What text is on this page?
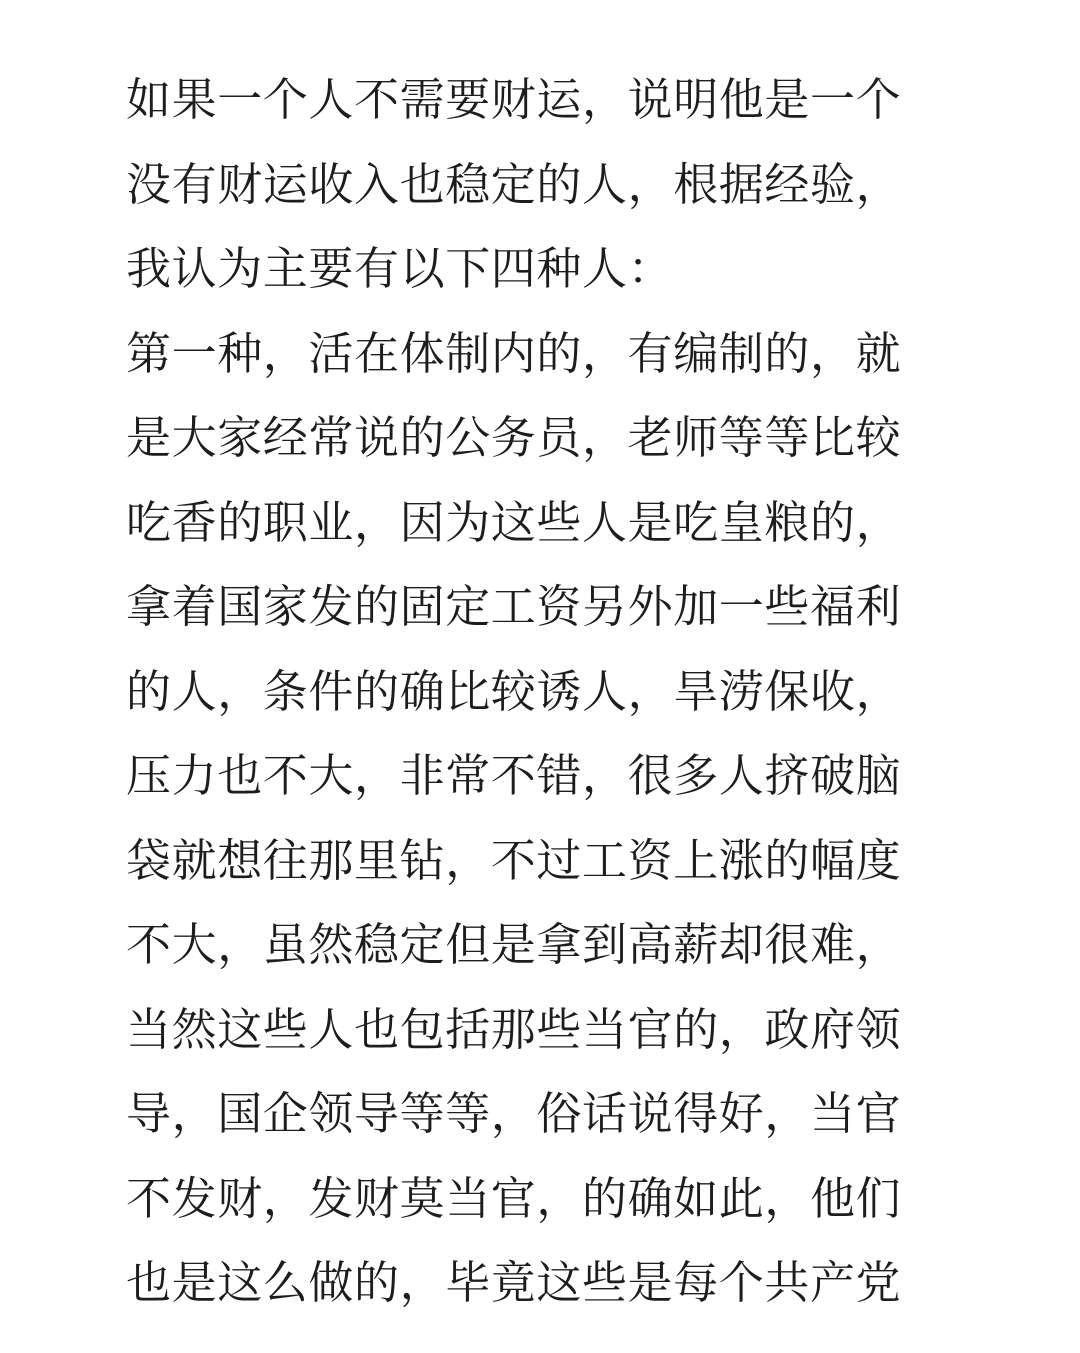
如果一个人不需要财运，说明他是一个
没有财运收入也稳定的人，根据经验，
我认为主要有以下四种人：
第一种，活在体制内的，有编制的，就
是大家经常说的公务员，老师等等比较
吃香的职业，因为这些人是吃皇粮的，
拿着国家发的固定工资另外加一些福利
的人，条件的确比较诱人，旱涝保收，
压力也不大，非常不错，很多人挤破脑
袋就想往那里钻，不过工资上涨的幅度
不大，虽然稳定但是拿到高薪却很难，
当然这些人也包括那些当官的，政府领
导，国企领导等等，俗话说得好，当官
不发财，发财莫当官，的确如此，他们
也是这么做的，毕竟这些是每个共产党
